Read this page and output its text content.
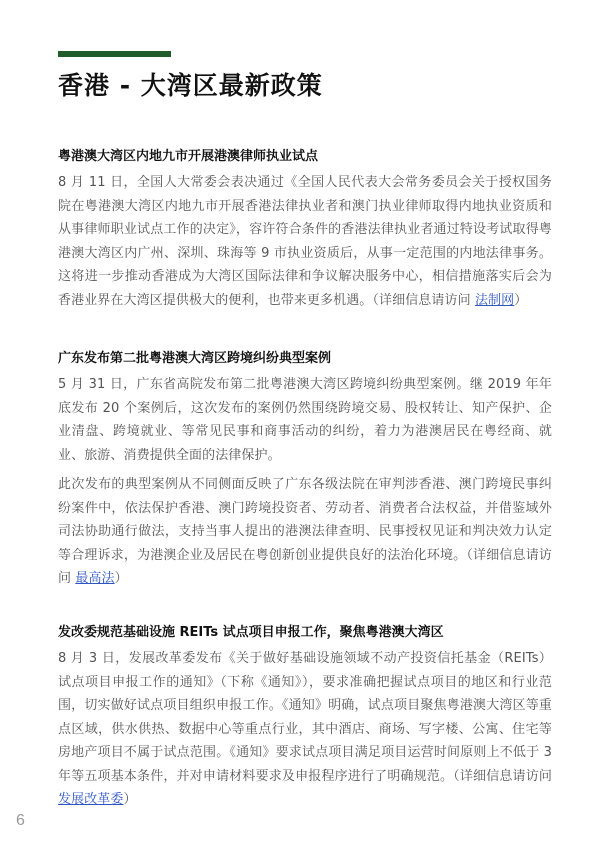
香港 - 大湾区最新政策
粤港澳大湾区内地九市开展港澳律师执业试点

8 月 11 日，全国人大常委会表决通过《全国人民代表大会常务委员会关于授权国务院在粤港澳大湾区内地九市开展香港法律执业者和澳门执业律师取得内地执业资质和从事律师职业试点工作的决定》，容许符合条件的香港法律执业者通过特设考试取得粤港澳大湾区内广州、深圳、珠海等 9 市执业资质后，从事一定范围的内地法律事务。这将进一步推动香港成为大湾区国际法律和争议解决服务中心，相信措施落实后会为香港业界在大湾区提供极大的便利，也带来更多机遇。（详细信息请访问 法制网）

广东发布第二批粤港澳大湾区跨境纠纷典型案例

5 月 31 日，广东省高院发布第二批粤港澳大湾区跨境纠纷典型案例。继 2019 年年底发布 20 个案例后，这次发布的案例仍然围绕跨境交易、股权转让、知产保护、企业清盘、跨境就业、等常见民事和商事活动的纠纷，着力为港澳居民在粤经商、就业、旅游、消费提供全面的法律保护。

此次发布的典型案例从不同侧面反映了广东各级法院在审判涉香港、澳门跨境民事纠纷案件中，依法保护香港、澳门跨境投资者、劳动者、消费者合法权益，并借鉴域外司法协助通行做法，支持当事人提出的港澳法律查明、民事授权见证和判决效力认定等合理诉求，为港澳企业及居民在粤创新创业提供良好的法治化环境。（详细信息请访问 最高法）

发改委规范基础设施 REITs 试点项目申报工作，聚焦粤港澳大湾区

8 月 3 日，发展改革委发布《关于做好基础设施领域不动产投资信托基金（REITs）试点项目申报工作的通知》（下称《通知》），要求准确把握试点项目的地区和行业范围，切实做好试点项目组织申报工作。《通知》明确，试点项目聚焦粤港澳大湾区等重点区域，供水供热、数据中心等重点行业，其中酒店、商场、写字楼、公寓、住宅等房地产项目不属于试点范围。《通知》要求试点项目满足项目运营时间原则上不低于 3 年等五项基本条件，并对申请材料要求及申报程序进行了明确规范。（详细信息请访问 发展改革委）

6
